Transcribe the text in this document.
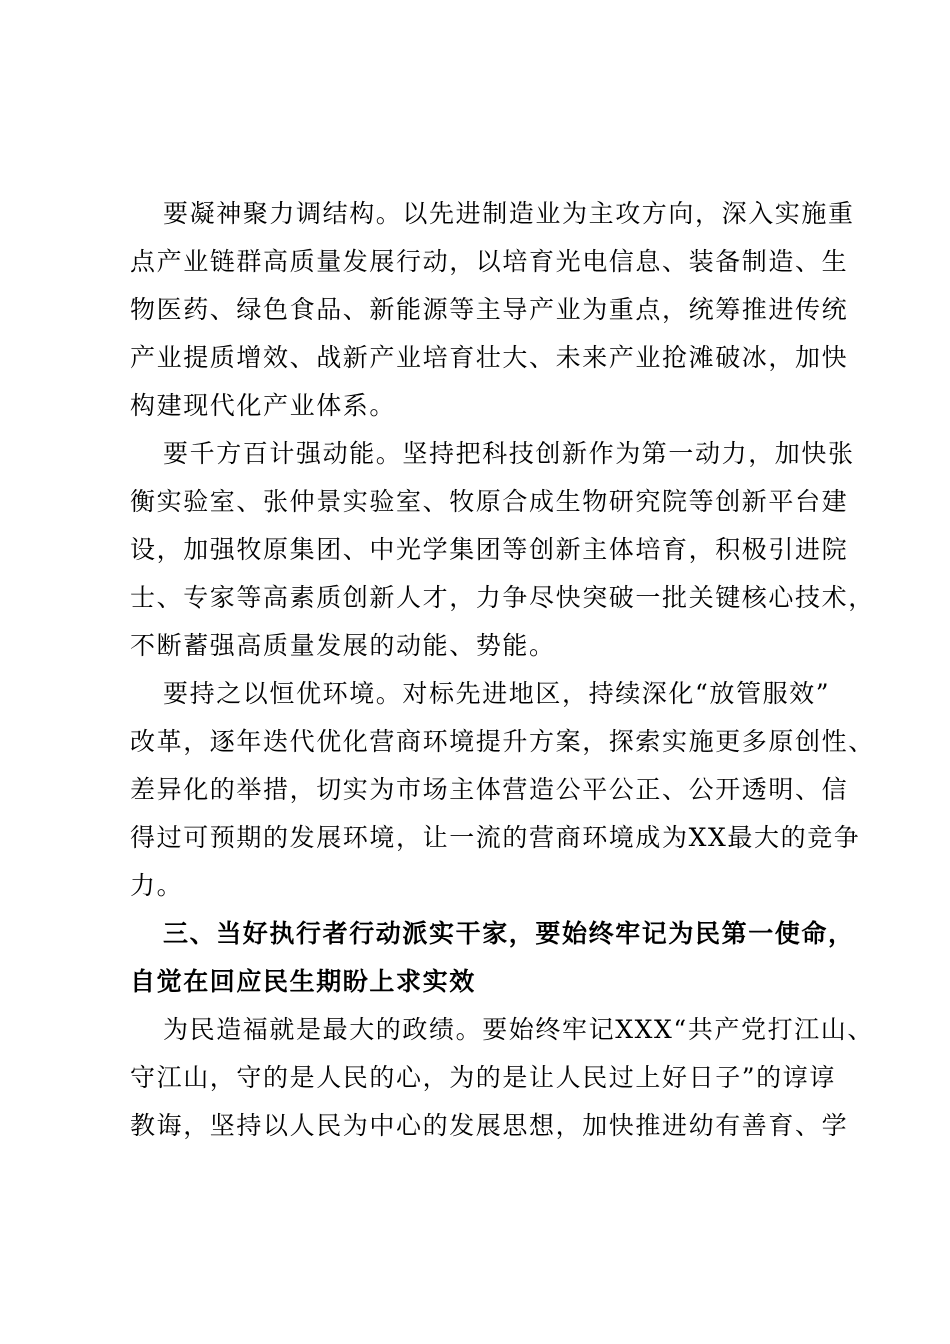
要凝神聚力调结构。以先进制造业为主攻方向，深入实施重
点产业链群高质量发展行动，以培育光电信息、装备制造、生
物医药、绿色食品、新能源等主导产业为重点，统筹推进传统
产业提质增效、战新产业培育壮大、未来产业抢滩破冰，加快
构建现代化产业体系。
要千方百计强动能。坚持把科技创新作为第一动力，加快张
衡实验室、张仲景实验室、牧原合成生物研究院等创新平台建
设，加强牧原集团、中光学集团等创新主体培育，积极引进院
士、专家等高素质创新人才，力争尽快突破一批关键核心技术，
不断蓄强高质量发展的动能、势能。
要持之以恒优环境。对标先进地区，持续深化“放管服效”
改革，逐年迭代优化营商环境提升方案，探索实施更多原创性、
差异化的举措，切实为市场主体营造公平公正、公开透明、信
得过可预期的发展环境，让一流的营商环境成为XX最大的竞争
力。
三、当好执行者行动派实干家，要始终牢记为民第一使命，
自觉在回应民生期盼上求实效
为民造福就是最大的政绩。要始终牢记XXX“共产党打江山、
守江山，守的是人民的心，为的是让人民过上好日子”的谆谆
教诲，坚持以人民为中心的发展思想，加快推进幼有善育、学
